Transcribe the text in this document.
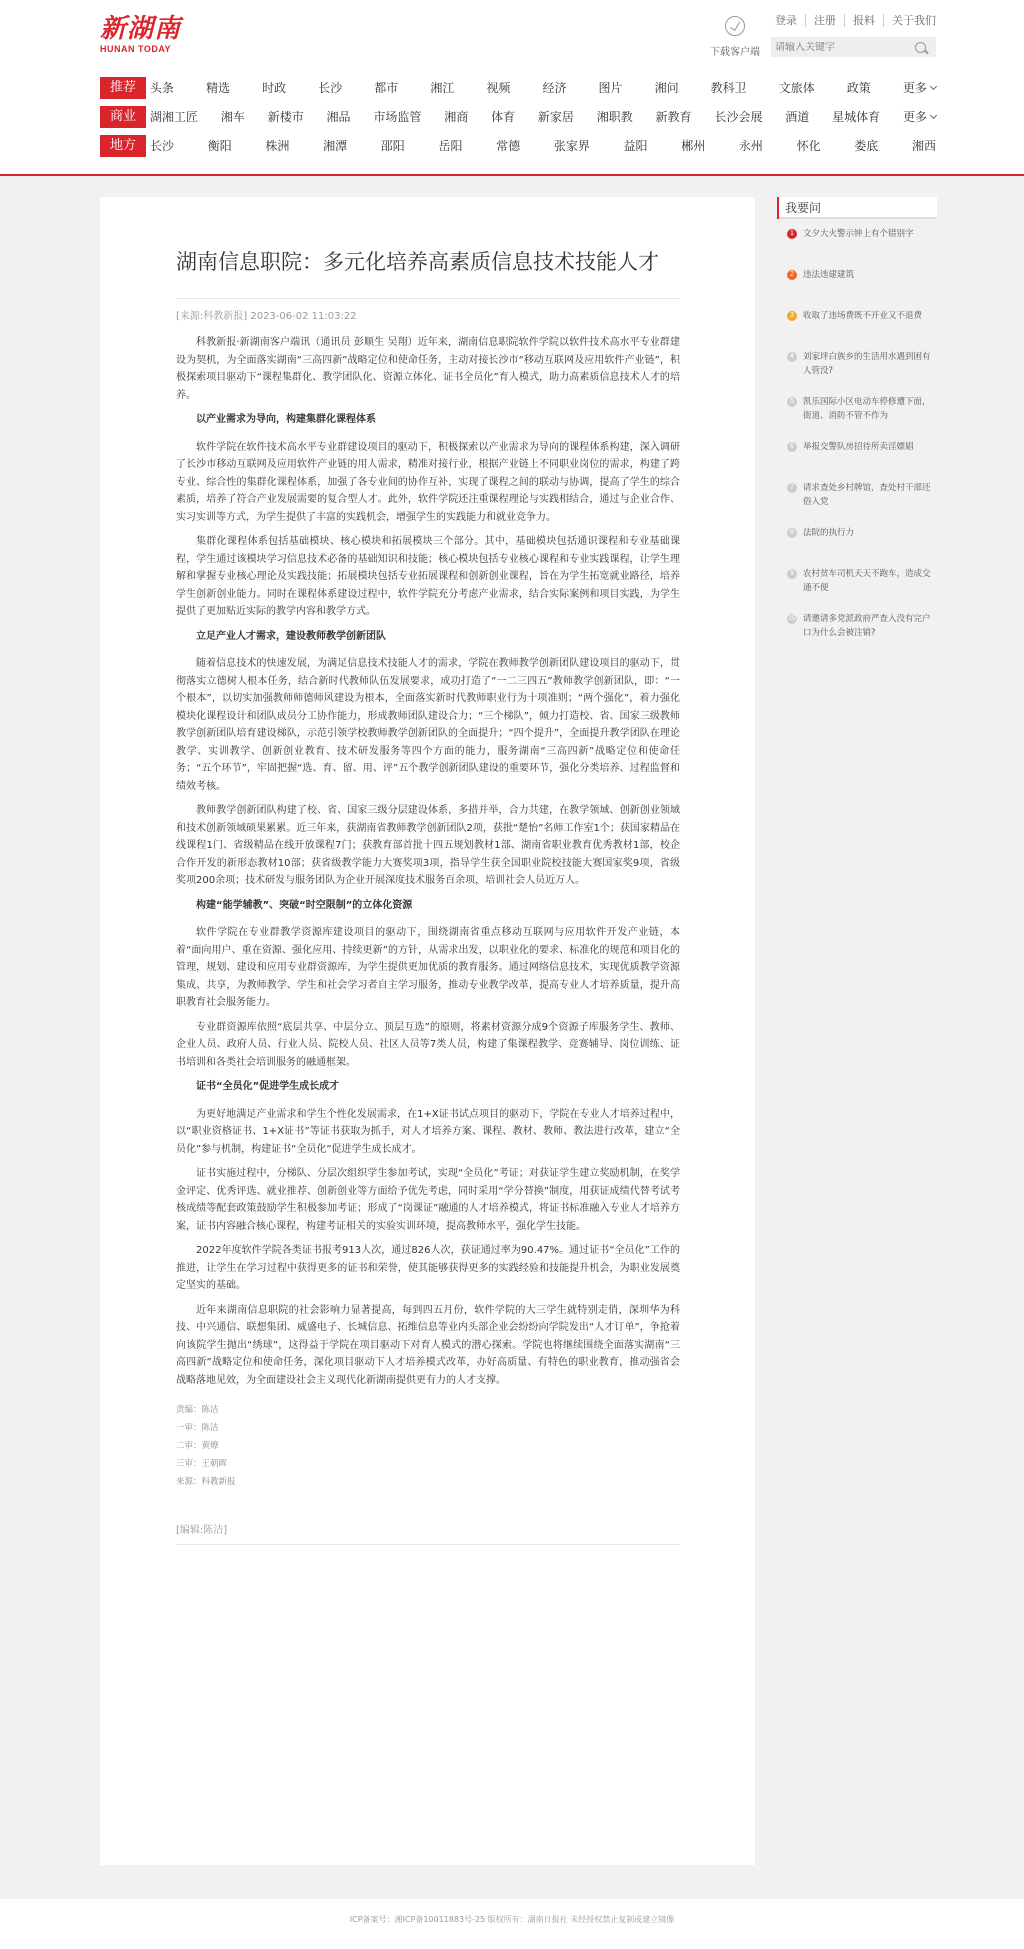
新湖南
HUNAN TODAY	下载客户端
登录	注册	报料	关于我们
请输入关键字
推荐	头条	精选	时政	长沙	都市	湘江	视频	经济	图片	湘问	教科卫	文旅体	政策	更多
商业	湖湘工匠 湘车 新楼市 湘品 市场监管 湘商 体育 新家居 湘职教 新教育 长沙会展 酒道 星城体育 更多
地方	长沙	衡阳	株洲	湘潭	邵阳	岳阳	常德	张家界	益阳	郴州	永州	怀化	娄底	湘西
湖南信息职院：多元化培养高素质信息技术技能人才
[来源:科教新报] 2023-06-02 11:03:22

科教新报·新湖南客户端讯（通讯员 彭顺生 吴翔）近年来，湖南信息职院软件学院以软件技术高水平专业群建设为契机，为全面落实湖南“三高四新”战略定位和使命任务，主动对接长沙市“移动互联网及应用软件产业链”，积极探索项目驱动下“课程集群化、教学团队化、资源立体化、证书全员化”育人模式，助力高素质信息技术人才的培养。

以产业需求为导向，构建集群化课程体系

软件学院在软件技术高水平专业群建设项目的驱动下，积极探索以产业需求为导向的课程体系构建，深入调研了长沙市移动互联网及应用软件产业链的用人需求，精准对接行业，根据产业链上不同职业岗位的需求，构建了跨专业、综合性的集群化课程体系，加强了各专业间的协作互补，实现了课程之间的联动与协调，提高了学生的综合素质，培养了符合产业发展需要的复合型人才。此外，软件学院还注重课程理论与实践相结合，通过与企业合作、实习实训等方式，为学生提供了丰富的实践机会，增强学生的实践能力和就业竞争力。

集群化课程体系包括基础模块、核心模块和拓展模块三个部分。其中，基础模块包括通识课程和专业基础课程，学生通过该模块学习信息技术必备的基础知识和技能；核心模块包括专业核心课程和专业实践课程，让学生理解和掌握专业核心理论及实践技能；拓展模块包括专业拓展课程和创新创业课程，旨在为学生拓宽就业路径，培养学生创新创业能力。同时在课程体系建设过程中，软件学院充分考虑产业需求，结合实际案例和项目实践，为学生提供了更加贴近实际的教学内容和教学方式。

立足产业人才需求，建设教师教学创新团队

随着信息技术的快速发展，为满足信息技术技能人才的需求，学院在教师教学创新团队建设项目的驱动下，贯彻落实立德树人根本任务，结合新时代教师队伍发展要求，成功打造了“一二三四五”教师教学创新团队，即：“一个根本”，以切实加强教师师德师风建设为根本，全面落实新时代教师职业行为十项准则；“两个强化”，着力强化模块化课程设计和团队成员分工协作能力，形成教师团队建设合力；“三个梯队”，倾力打造校、省、国家三级教师教学创新团队培育建设梯队，示范引领学校教师教学创新团队的全面提升；“四个提升”，全面提升教学团队在理论教学、实训教学、创新创业教育、技术研发服务等四个方面的能力，服务湖南“三高四新”战略定位和使命任务；“五个环节”，牢固把握“选、育、留、用、评”五个教学创新团队建设的重要环节，强化分类培养、过程监督和绩效考核。

教师教学创新团队构建了校、省、国家三级分层建设体系，多措并举，合力共建，在教学领域、创新创业领域和技术创新领域硕果累累。近三年来，获湖南省教师教学创新团队2项，获批“楚怡”名师工作室1个；获国家精品在线课程1门、省级精品在线开放课程7门；获教育部首批十四五规划教材1部、湖南省职业教育优秀教材1部，校企合作开发的新形态教材10部；获省级教学能力大赛奖项3项，指导学生获全国职业院校技能大赛国家奖9项，省级奖项200余项；技术研发与服务团队为企业开展深度技术服务百余项，培训社会人员近万人。

构建“能学辅教”、突破“时空限制”的立体化资源

软件学院在专业群教学资源库建设项目的驱动下，围绕湖南省重点移动互联网与应用软件开发产业链，本着“面向用户、重在资源、强化应用、持续更新”的方针，从需求出发，以职业化的要求、标准化的规范和项目化的管理，规划、建设和应用专业群资源库，为学生提供更加优质的教育服务。通过网络信息技术，实现优质教学资源集成、共享，为教师教学、学生和社会学习者自主学习服务，推动专业教学改革，提高专业人才培养质量，提升高职教育社会服务能力。

专业群资源库依照“底层共享、中层分立、顶层互选”的原则，将素材资源分成9个资源子库服务学生、教师、企业人员、政府人员、行业人员、院校人员、社区人员等7类人员，构建了集课程教学、竞赛辅导、岗位训练、证书培训和各类社会培训服务的融通框架。

证书“全员化”促进学生成长成才

为更好地满足产业需求和学生个性化发展需求，在1+X证书试点项目的驱动下，学院在专业人才培养过程中，以“职业资格证书、1+X证书”等证书获取为抓手，对人才培养方案、课程、教材、教师、教法进行改革，建立“全员化”参与机制，构建证书“全员化”促进学生成长成才。

证书实施过程中，分梯队、分层次组织学生参加考试，实现“全员化”考证；对获证学生建立奖励机制，在奖学金评定、优秀评选、就业推荐、创新创业等方面给予优先考虑，同时采用“学分替换”制度，用获证成绩代替考试考核成绩等配套政策鼓励学生积极参加考证；形成了“岗课证”融通的人才培养模式，将证书标准融入专业人才培养方案，证书内容融合核心课程，构建考证相关的实验实训环境，提高教师水平，强化学生技能。

2022年度软件学院各类证书报考913人次，通过826人次，获证通过率为90.47%。通过证书“全员化”工作的推进，让学生在学习过程中获得更多的证书和荣誉，使其能够获得更多的实践经验和技能提升机会，为职业发展奠定坚实的基础。

近年来湖南信息职院的社会影响力显著提高，每到四五月份，软件学院的大三学生就特别走俏，深圳华为科技、中兴通信、联想集团、威盛电子、长城信息、拓维信息等业内头部企业会纷纷向学院发出“人才订单”，争抢着向该院学生抛出“绣球”，这得益于学院在项目驱动下对育人模式的潜心探索。学院也将继续围绕全面落实湖南“三高四新”战略定位和使命任务，深化项目驱动下人才培养模式改革，办好高质量、有特色的职业教育，推动强省会战略落地见效，为全面建设社会主义现代化新湖南提供更有力的人才支撑。

责编：陈洁
一审：陈洁
二审：黄燎
三审：王朝晖
来源：科教新报
[编辑:陈洁]
我要问
1	文夕大火警示钟上有个错别字
2	违法违建建筑
3	收取了违场费既不开业又不退费
4	刘家坪白族乡的生活用水遇到困有人管没?
5	凯乐国际小区电动车停修遭下面，街道、消防不管不作为
6	举报交警队房招待所卖淫嫖娼
7	请求查处乡村牌馆，查处村干部还俗入党
8	法院的执行力
9	农村贫车司机天天不跑车，造成交通不便
10 请邀请多党派政府严查入没有完户口为什么会被注销?
ICP备案号：湘ICP备10011883号-25 版权所有：湖南日报社 未经授权禁止复制或建立镜像
